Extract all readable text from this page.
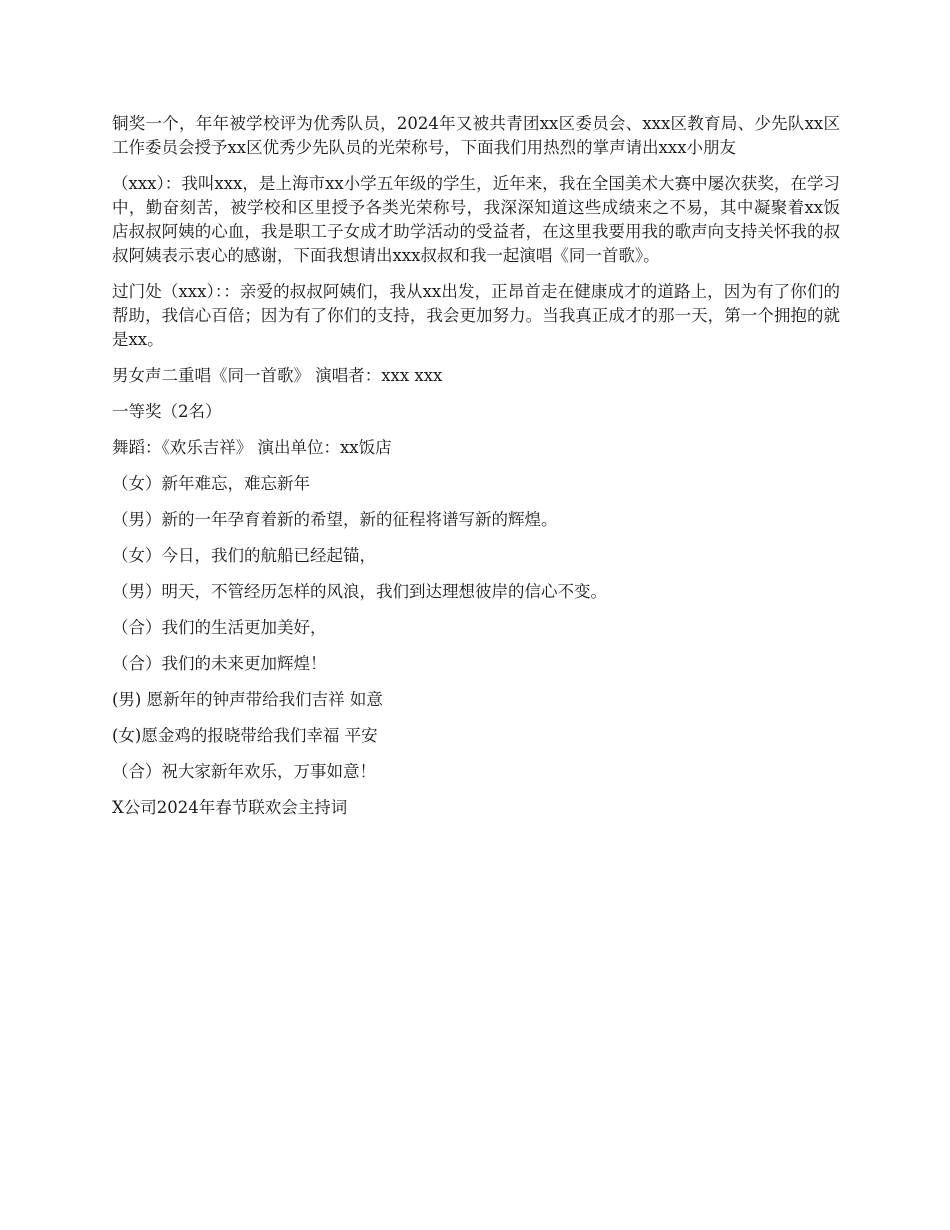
铜奖一个，年年被学校评为优秀队员，2024年又被共青团xx区委员会、xxx区教育局、少先队xx区工作委员会授予xx区优秀少先队员的光荣称号，下面我们用热烈的掌声请出xxx小朋友

（xxx）：我叫xxx，是上海市xx小学五年级的学生，近年来，我在全国美术大赛中屡次获奖，在学习中，勤奋刻苦，被学校和区里授予各类光荣称号，我深深知道这些成绩来之不易，其中凝聚着xx饭店叔叔阿姨的心血，我是职工子女成才助学活动的受益者，在这里我要用我的歌声向支持关怀我的叔叔阿姨表示衷心的感谢，下面我想请出xxx叔叔和我一起演唱《同一首歌》。

过门处（xxx）：：亲爱的叔叔阿姨们，我从xx出发，正昂首走在健康成才的道路上，因为有了你们的帮助，我信心百倍；因为有了你们的支持，我会更加努力。当我真正成才的那一天，第一个拥抱的就是xx。

男女声二重唱《同一首歌》 演唱者：xxx xxx

一等奖（2名）

舞蹈：《欢乐吉祥》 演出单位：xx饭店

（女）新年难忘，难忘新年

（男）新的一年孕育着新的希望，新的征程将谱写新的辉煌。

（女）今日，我们的航船已经起锚，

（男）明天，不管经历怎样的风浪，我们到达理想彼岸的信心不变。

（合）我们的生活更加美好，

（合）我们的未来更加辉煌！

(男) 愿新年的钟声带给我们吉祥 如意

(女)愿金鸡的报晓带给我们幸福 平安

（合）祝大家新年欢乐，万事如意！

X公司2024年春节联欢会主持词
